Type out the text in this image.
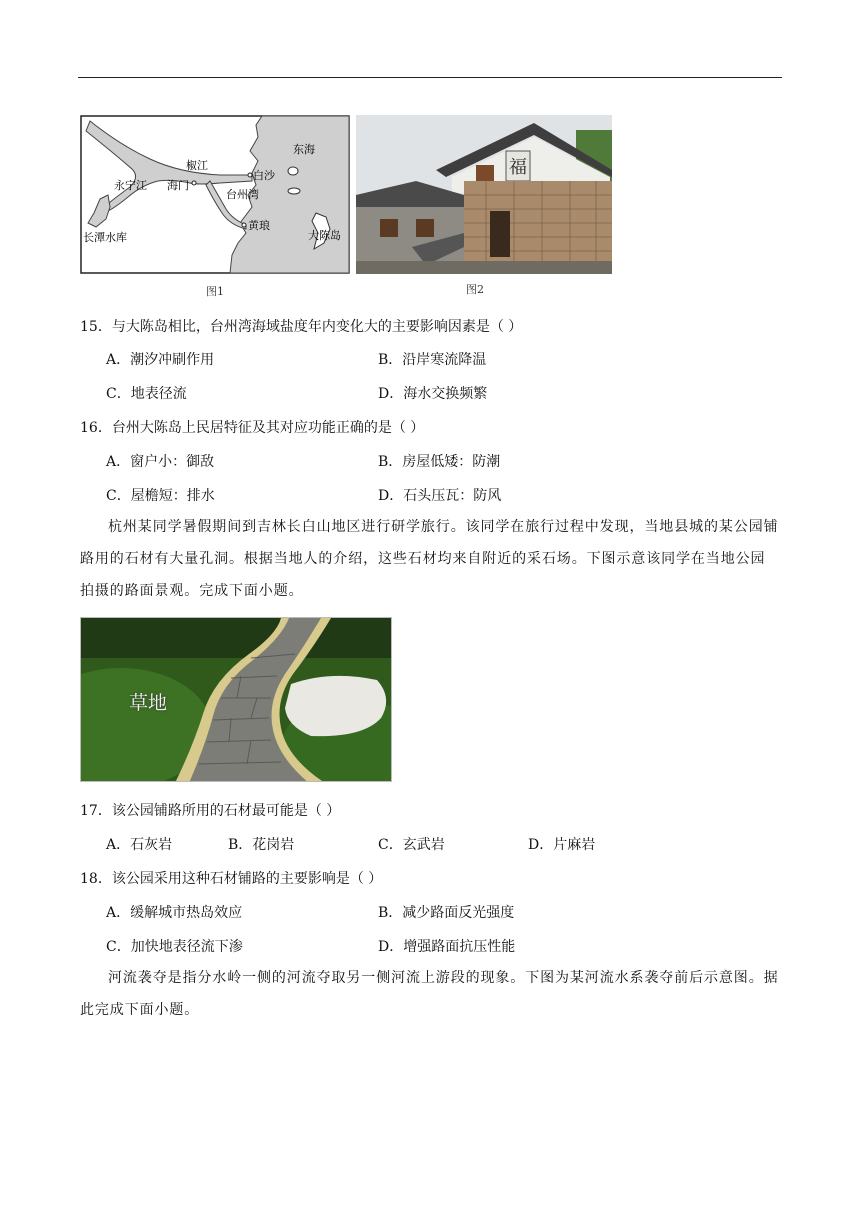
东海
椒江
白沙
永宁江 海门
台州湾
长潭水库
黄琅
大陈岛
图1
福
图2
15．与大陈岛相比，台州湾海域盐度年内变化大的主要影响因素是（ ）
A．潮汐冲刷作用	B．沿岸寒流降温
C．地表径流	D．海水交换频繁
16．台州大陈岛上民居特征及其对应功能正确的是（ ）
A．窗户小：御敌	B．房屋低矮：防潮
C．屋檐短：排水	D．石头压瓦：防风
杭州某同学暑假期间到吉林长白山地区进行研学旅行。该同学在旅行过程中发现，当地县城的某公园铺路用的石材有大量孔洞。根据当地人的介绍，这些石材均来自附近的采石场。下图示意该同学在当地公园拍摄的路面景观。完成下面小题。
草地
17．该公园铺路所用的石材最可能是（ ）
A．石灰岩	B．花岗岩	C．玄武岩	D．片麻岩
18．该公园采用这种石材铺路的主要影响是（ ）
A．缓解城市热岛效应	B．减少路面反光强度
C．加快地表径流下渗	D．增强路面抗压性能
河流袭夺是指分水岭一侧的河流夺取另一侧河流上游段的现象。下图为某河流水系袭夺前后示意图。据此完成下面小题。
